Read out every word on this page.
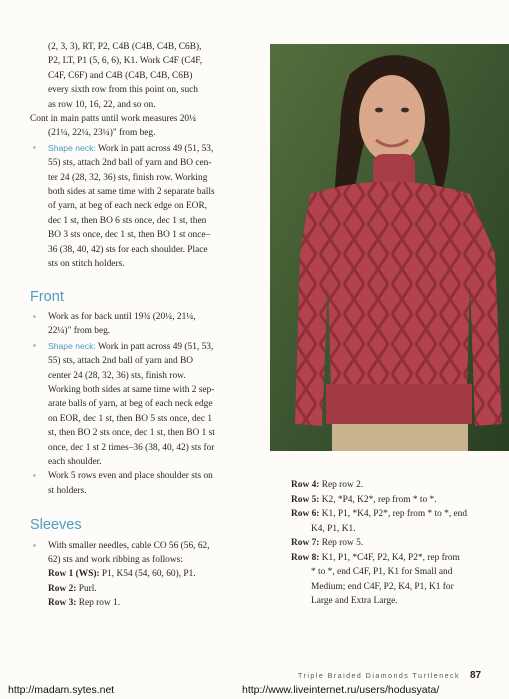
(2, 3, 3), RT, P2, C4B (C4B, C4B, C6B),

P2, LT, P1 (5, 6, 6), K1. Work C4F (C4F,

C4F, C6F) and C4B (C4B, C4B, C6B)

every sixth row from this point on, such

as row 10, 16, 22, and so on.

Cont in main patts until work measures 20¼

(21¼, 22¼, 23¼)" from beg.

▪ Shape neck: Work in patt across 49 (51, 53,

55) sts, attach 2nd ball of yarn and BO cen-

ter 24 (28, 32, 36) sts, finish row. Working

both sides at same time with 2 separate balls

of yarn, at beg of each neck edge on EOR,

dec 1 st, then BO 6 sts once, dec 1 st, then

BO 3 sts once, dec 1 st, then BO 1 st once–

36 (38, 40, 42) sts for each shoulder. Place

sts on stitch holders.

Front

▪ Work as for back until 19¾ (20¼, 21¼,

22¼)" from beg.

▪ Shape neck: Work in patt across 49 (51, 53,

55) sts, attach 2nd ball of yarn and BO

center 24 (28, 32, 36) sts, finish row.

Working both sides at same time with 2 sep-

arate balls of yarn, at beg of each neck edge

on EOR, dec 1 st, then BO 5 sts once, dec 1

st, then BO 2 sts once, dec 1 st, then BO 1 st

once, dec 1 st 2 times–36 (38, 40, 42) sts for

each shoulder.

▪ Work 5 rows even and place shoulder sts on

st holders.

Sleeves

▪ With smaller needles, cable CO 56 (56, 62,

62) sts and work ribbing as follows:

Row 1 (WS): P1, K54 (54, 60, 60), P1.

Row 2: Purl.

Row 3: Rep row 1.

Row 4: Rep row 2.

Row 5: K2, *P4, K2*, rep from * to *.

Row 6: K1, P1, *K4, P2*, rep from * to *, end

K4, P1, K1.

Row 7: Rep row 5.

Row 8: K1, P1, *C4F, P2, K4, P2*, rep from

* to *, end C4F, P1, K1 for Small and

Medium; end C4F, P2, K4, P1, K1 for

Large and Extra Large.

Triple Braided Diamonds Turtleneck 87
http://madam.sytes.net	http://www.liveinternet.ru/users/hodusyata/
